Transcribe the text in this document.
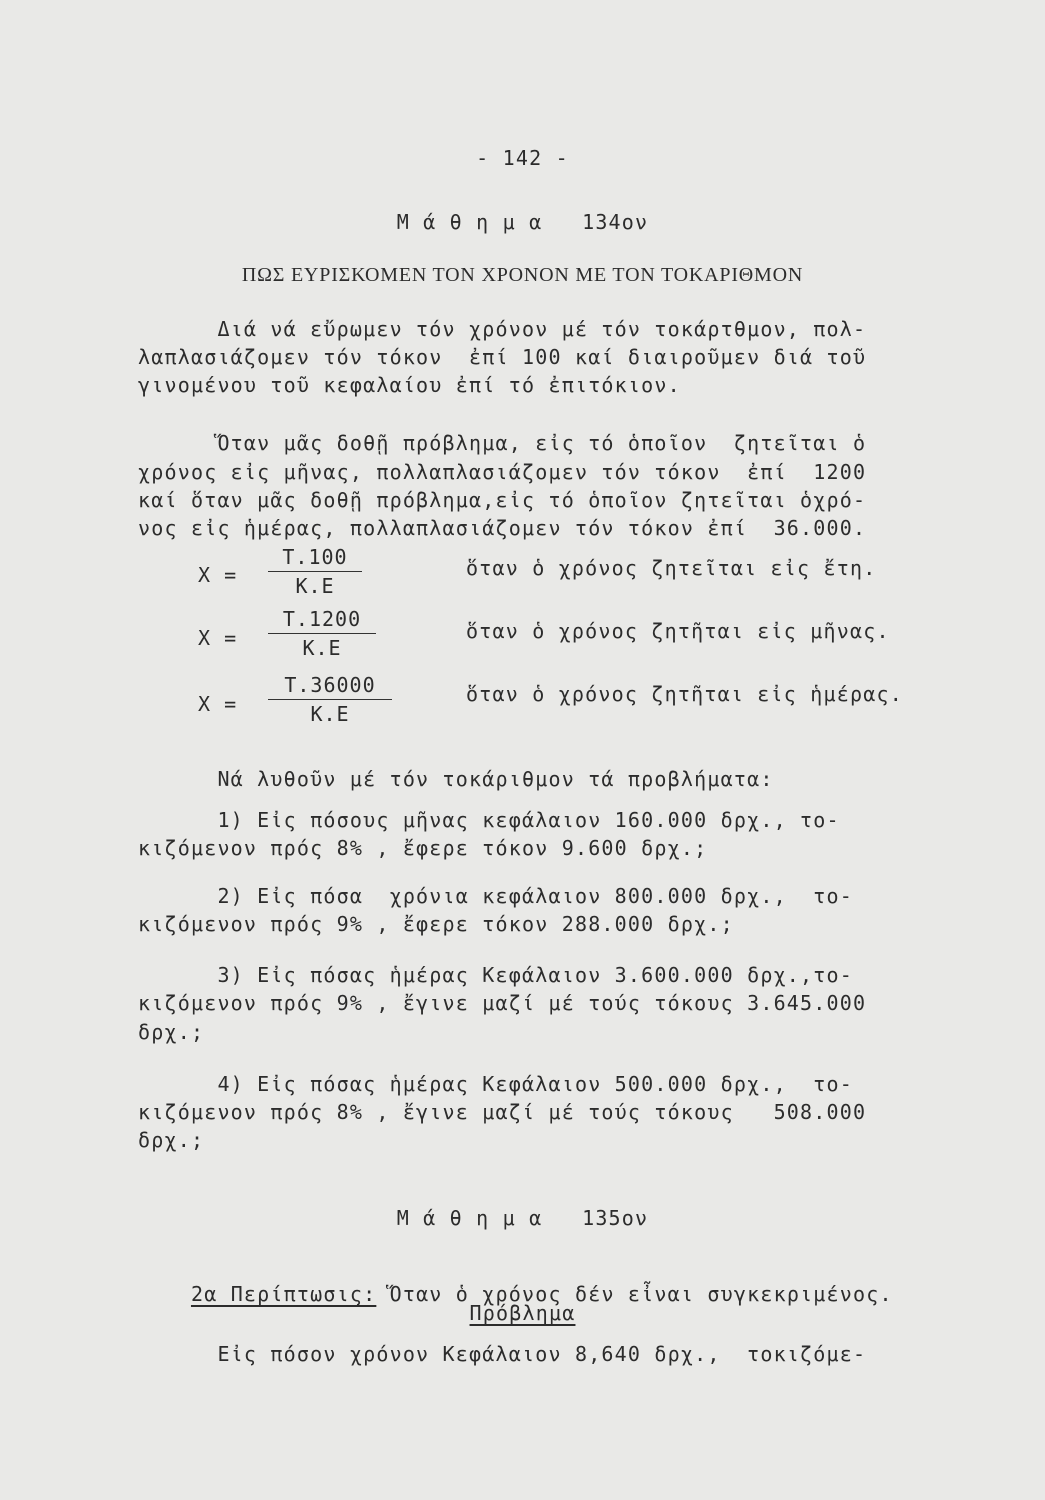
- 142 -
Μ ά θ η μ α   134ον
ΠΩΣ ΕΥΡΙΣΚΟΜΕΝ ΤΟΝ ΧΡΟΝΟΝ ΜΕ ΤΟΝ ΤΟΚΑΡΙΘΜΟΝ
Διά νά εὔρωμεν τόν χρόνον μέ τόν τοκάρτθμον, πολ-
λαπλασιάζομεν τόν τόκον  ἐπί 100 καί διαιροῦμεν διά τοῦ
γινομένου τοῦ κεφαλαίου ἐπί τό ἐπιτόκιον.
Ὅταν μᾶς δοθῇ πρόβλημα, εἰς τό ὁποῖον  ζητεῖται ὁ
χρόνος εἰς μῆνας, πολλαπλασιάζομεν τόν τόκον  ἐπί  1200
καί ὅταν μᾶς δοθῇ πρόβλημα,εἰς τό ὁποῖον ζητεῖται ὁχρό-
νος εἰς ἡμέρας, πολλαπλασιάζομεν τόν τόκον ἐπί  36.000.
$X = \frac{T.100}{K.E}$	ὅταν ὁ χρόνος ζητεῖται εἰς ἔτη.
$X = \frac{T.1200}{K.E}$	ὅταν ὁ χρόνος ζητῆται εἰς μῆνας.
$X = \frac{T.36000}{K.E}$	ὅταν ὁ χρόνος ζητῆται εἰς ἡμέρας.
Νά λυθοῦν μέ τόν τοκάριθμον τά προβλήματα:
1) Εἰς πόσους μῆνας κεφάλαιον 160.000 δρχ., το-
κιζόμενον πρός 8% , ἔφερε τόκον 9.600 δρχ.;
2) Εἰς πόσα  χρόνια κεφάλαιον 800.000 δρχ.,  το-
κιζόμενον πρός 9% , ἔφερε τόκον 288.000 δρχ.;
3) Εἰς πόσας ἡμέρας Κεφάλαιον 3.600.000 δρχ.,το-
κιζόμενον πρός 9% , ἔγινε μαζί μέ τούς τόκους 3.645.000
δρχ.;
4) Εἰς πόσας ἡμέρας Κεφάλαιον 500.000 δρχ.,  το-
κιζόμενον πρός 8% , ἔγινε μαζί μέ τούς τόκους   508.000
δρχ.;
Μ ά θ η μ α   135ον

2α Περίπτωσις: Ὅταν ὁ χρόνος δέν εἶναι συγκεκριμένος.

Πρόβλημα
Εἰς πόσον χρόνον Κεφάλαιον 8,640 δρχ.,  τοκιζόμε-
